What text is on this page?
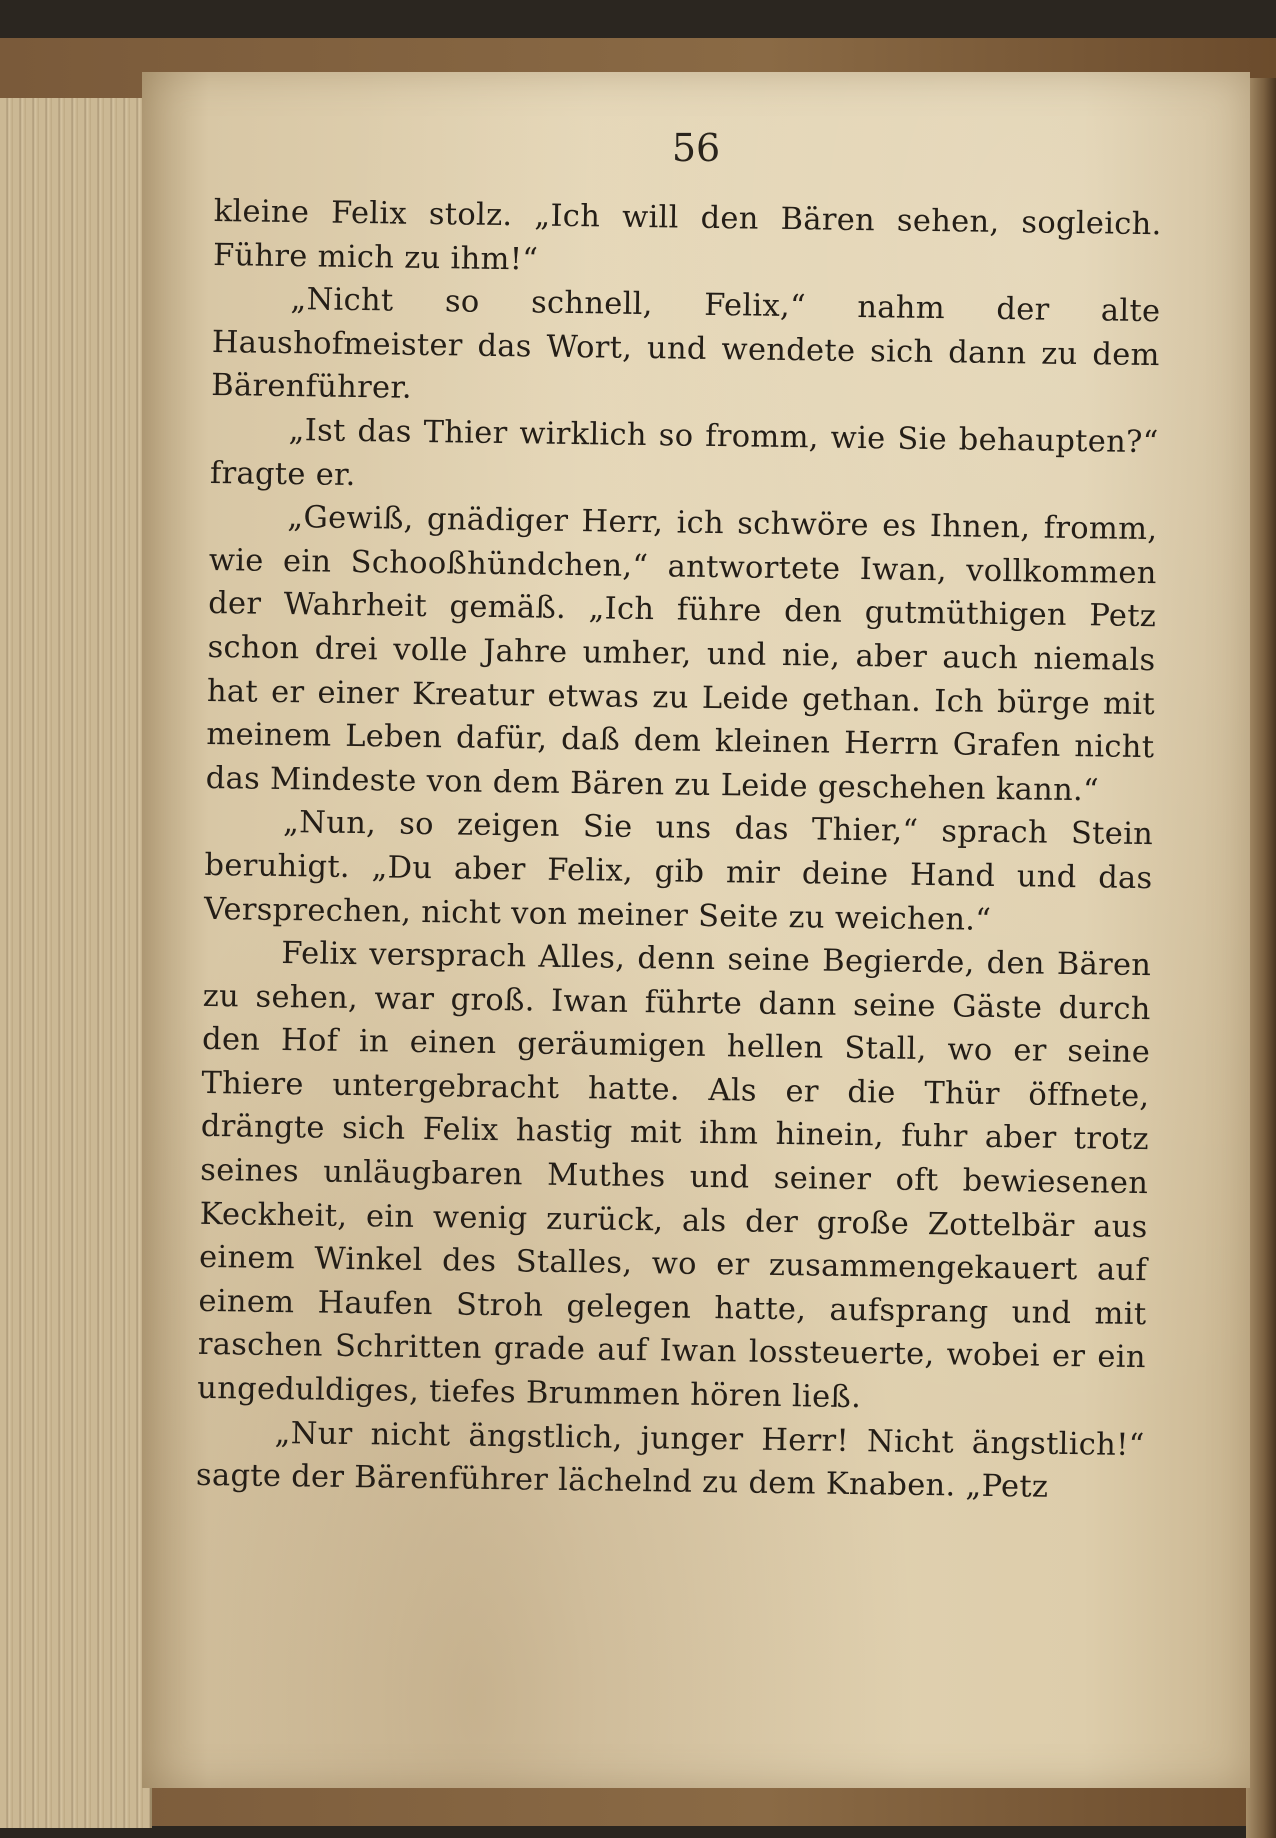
56

kleine Felix stolz. „Ich will den Bären sehen, sogleich. Führe mich zu ihm!“

„Nicht so schnell, Felix,“ nahm der alte Haushofmeister das Wort, und wendete sich dann zu dem Bärenführer.

„Ist das Thier wirklich so fromm, wie Sie behaupten?“ fragte er.

„Gewiß, gnädiger Herr, ich schwöre es Ihnen, fromm, wie ein Schooßhündchen,“ antwortete Iwan, vollkommen der Wahrheit gemäß. „Ich führe den gutmüthigen Petz schon drei volle Jahre umher, und nie, aber auch niemals hat er einer Kreatur etwas zu Leide gethan. Ich bürge mit meinem Leben dafür, daß dem kleinen Herrn Grafen nicht das Mindeste von dem Bären zu Leide geschehen kann.“

„Nun, so zeigen Sie uns das Thier,“ sprach Stein beruhigt. „Du aber Felix, gib mir deine Hand und das Versprechen, nicht von meiner Seite zu weichen.“

Felix versprach Alles, denn seine Begierde, den Bären zu sehen, war groß. Iwan führte dann seine Gäste durch den Hof in einen geräumigen hellen Stall, wo er seine Thiere untergebracht hatte. Als er die Thür öffnete, drängte sich Felix hastig mit ihm hinein, fuhr aber trotz seines unläugbaren Muthes und seiner oft bewiesenen Keckheit, ein wenig zurück, als der große Zottelbär aus einem Winkel des Stalles, wo er zusammengekauert auf einem Haufen Stroh gelegen hatte, aufsprang und mit raschen Schritten grade auf Iwan lossteuerte, wobei er ein ungeduldiges, tiefes Brummen hören ließ.

„Nur nicht ängstlich, junger Herr! Nicht ängstlich!“ sagte der Bärenführer lächelnd zu dem Knaben. „Petz
